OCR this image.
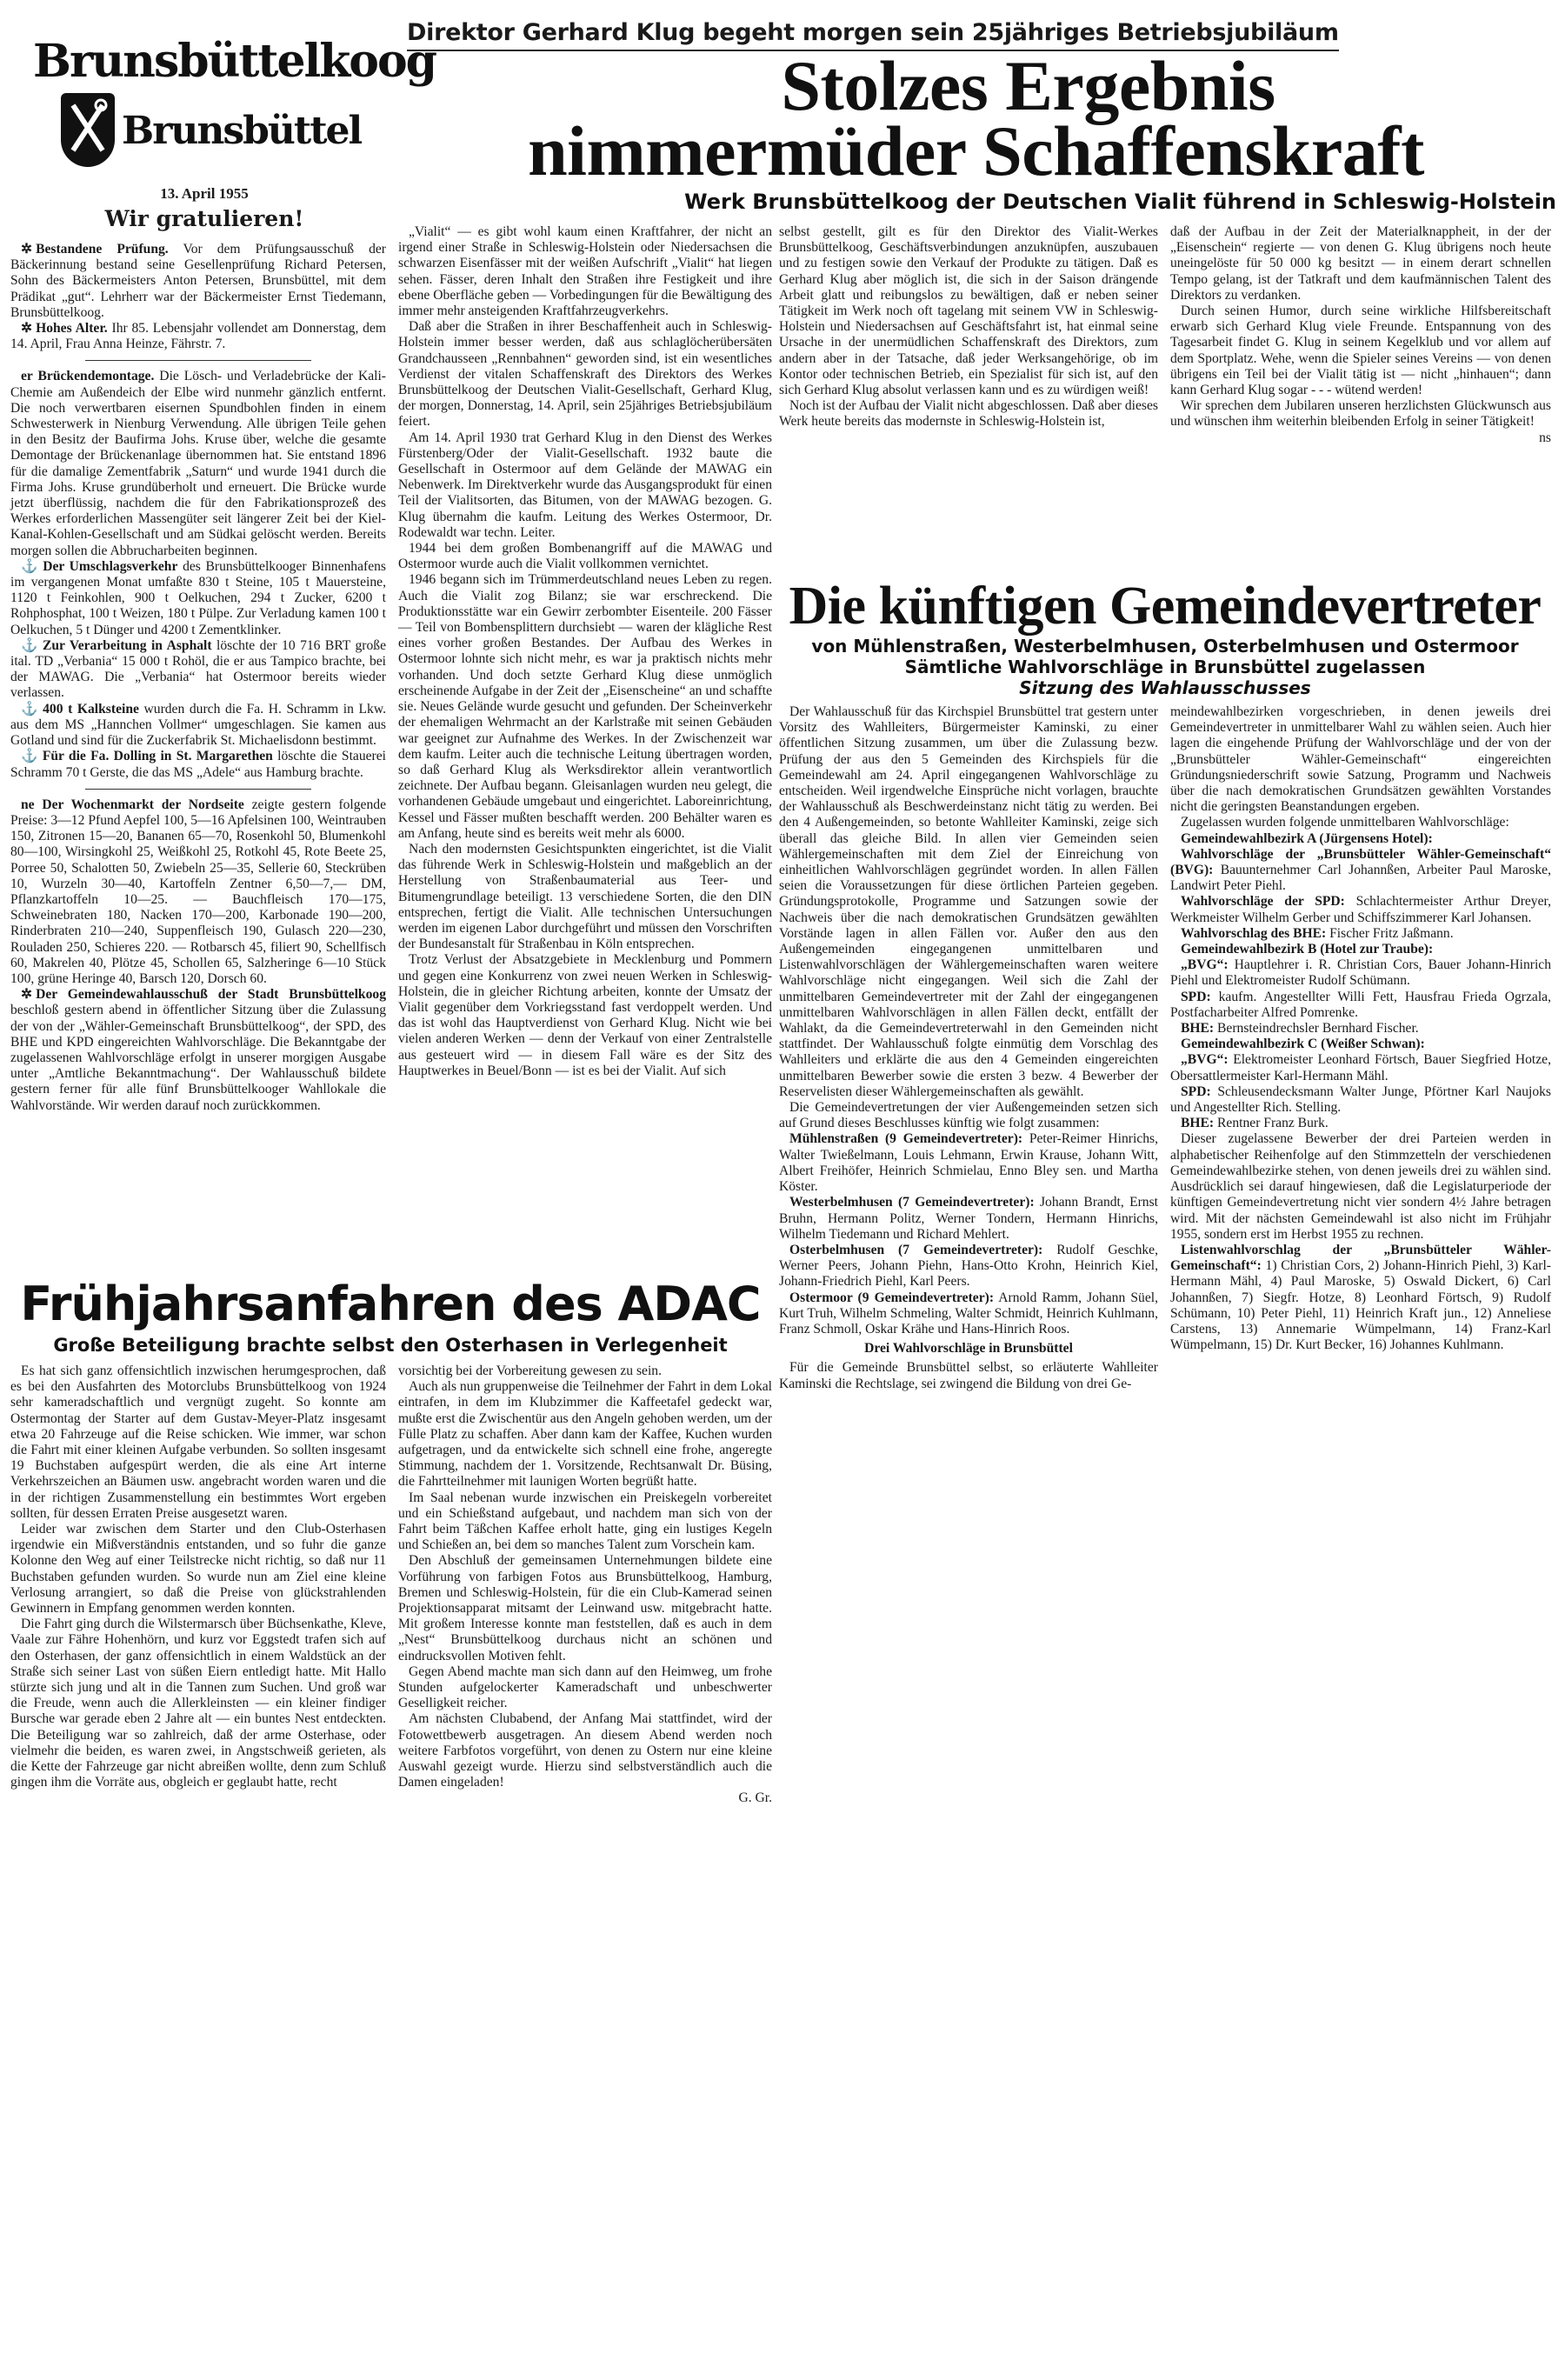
Brunsbüttelkoog
Brunsbüttel
13. April 1955
Wir gratulieren!

✲ Bestandene Prüfung. Vor dem Prüfungsausschuß der Bäckerinnung bestand seine Gesellenprüfung Richard Petersen, Sohn des Bäckermeisters Anton Petersen, Brunsbüttel, mit dem Prädikat „gut“. Lehrherr war der Bäckermeister Ernst Tiedemann, Brunsbüttelkoog.

✲ Hohes Alter. Ihr 85. Lebensjahr vollendet am Donnerstag, dem 14. April, Frau Anna Heinze, Fährstr. 7.

er Brückendemontage. Die Lösch- und Verladebrücke der Kali-Chemie am Außendeich der Elbe wird nunmehr gänzlich entfernt. Die noch verwertbaren eisernen Spundbohlen finden in einem Schwesterwerk in Nienburg Verwendung. Alle übrigen Teile gehen in den Besitz der Baufirma Johs. Kruse über, welche die gesamte Demontage der Brückenanlage übernommen hat. Sie entstand 1896 für die damalige Zementfabrik „Saturn“ und wurde 1941 durch die Firma Johs. Kruse grundüberholt und erneuert. Die Brücke wurde jetzt überflüssig, nachdem die für den Fabrikationsprozeß des Werkes erforderlichen Massengüter seit längerer Zeit bei der Kiel-Kanal-Kohlen-Gesellschaft und am Südkai gelöscht werden. Bereits morgen sollen die Abbrucharbeiten beginnen.

⚓ Der Umschlagsverkehr des Brunsbüttelkooger Binnenhafens im vergangenen Monat umfaßte 830 t Steine, 105 t Mauersteine, 1120 t Feinkohlen, 900 t Oelkuchen, 294 t Zucker, 6200 t Rohphosphat, 100 t Weizen, 180 t Pülpe. Zur Verladung kamen 100 t Oelkuchen, 5 t Dünger und 4200 t Zementklinker.

⚓ Zur Verarbeitung in Asphalt löschte der 10 716 BRT große ital. TD „Verbania“ 15 000 t Rohöl, die er aus Tampico brachte, bei der MAWAG. Die „Verbania“ hat Ostermoor bereits wieder verlassen.

⚓ 400 t Kalksteine wurden durch die Fa. H. Schramm in Lkw. aus dem MS „Hannchen Vollmer“ umgeschlagen. Sie kamen aus Gotland und sind für die Zuckerfabrik St. Michaelisdonn bestimmt.

⚓ Für die Fa. Dolling in St. Margarethen löschte die Stauerei Schramm 70 t Gerste, die das MS „Adele“ aus Hamburg brachte.

ne Der Wochenmarkt der Nordseite zeigte gestern folgende Preise: 3—12 Pfund Aepfel 100, 5—16 Apfelsinen 100, Weintrauben 150, Zitronen 15—20, Bananen 65—70, Rosenkohl 50, Blumenkohl 80—100, Wirsingkohl 25, Weißkohl 25, Rotkohl 45, Rote Beete 25, Porree 50, Schalotten 50, Zwiebeln 25—35, Sellerie 60, Steckrüben 10, Wurzeln 30—40, Kartoffeln Zentner 6,50—7,— DM, Pflanzkartoffeln 10—25. — Bauchfleisch 170—175, Schweinebraten 180, Nacken 170—200, Karbonade 190—200, Rinderbraten 210—240, Suppenfleisch 190, Gulasch 220—230, Rouladen 250, Schieres 220. — Rotbarsch 45, filiert 90, Schellfisch 60, Makrelen 40, Plötze 45, Schollen 65, Salzheringe 6—10 Stück 100, grüne Heringe 40, Barsch 120, Dorsch 60.

✲ Der Gemeindewahlausschuß der Stadt Brunsbüttelkoog beschloß gestern abend in öffentlicher Sitzung über die Zulassung der von der „Wähler-Gemeinschaft Brunsbüttelkoog“, der SPD, des BHE und KPD eingereichten Wahlvorschläge. Die Bekanntgabe der zugelassenen Wahlvorschläge erfolgt in unserer morgigen Ausgabe unter „Amtliche Bekanntmachung“. Der Wahlausschuß bildete gestern ferner für alle fünf Brunsbüttelkooger Wahllokale die Wahlvorstände. Wir werden darauf noch zurückkommen.

Direktor Gerhard Klug begeht morgen sein 25jähriges Betriebsjubiläum
Stolzes Ergebnis
nimmermüder Schaffenskraft
Werk Brunsbüttelkoog der Deutschen Vialit führend in Schleswig-Holstein

„Vialit“ — es gibt wohl kaum einen Kraftfahrer, der nicht an irgend einer Straße in Schleswig-Holstein oder Niedersachsen die schwarzen Eisenfässer mit der weißen Aufschrift „Vialit“ hat liegen sehen. Fässer, deren Inhalt den Straßen ihre Festigkeit und ihre ebene Oberfläche geben — Vorbedingungen für die Bewältigung des immer mehr ansteigenden Kraftfahrzeugverkehrs.

Daß aber die Straßen in ihrer Beschaffenheit auch in Schleswig-Holstein immer besser werden, daß aus schlaglöcherübersäten Grandchausseen „Rennbahnen“ geworden sind, ist ein wesentliches Verdienst der vitalen Schaffenskraft des Direktors des Werkes Brunsbüttelkoog der Deutschen Vialit-Gesellschaft, Gerhard Klug, der morgen, Donnerstag, 14. April, sein 25jähriges Betriebsjubiläum feiert.

Am 14. April 1930 trat Gerhard Klug in den Dienst des Werkes Fürstenberg/Oder der Vialit-Gesellschaft. 1932 baute die Gesellschaft in Ostermoor auf dem Gelände der MAWAG ein Nebenwerk. Im Direktverkehr wurde das Ausgangsprodukt für einen Teil der Vialitsorten, das Bitumen, von der MAWAG bezogen. G. Klug übernahm die kaufm. Leitung des Werkes Ostermoor, Dr. Rodewaldt war techn. Leiter.

1944 bei dem großen Bombenangriff auf die MAWAG und Ostermoor wurde auch die Vialit vollkommen vernichtet.

1946 begann sich im Trümmerdeutschland neues Leben zu regen. Auch die Vialit zog Bilanz; sie war erschreckend. Die Produktionsstätte war ein Gewirr zerbombter Eisenteile. 200 Fässer — Teil von Bombensplittern durchsiebt — waren der klägliche Rest eines vorher großen Bestandes. Der Aufbau des Werkes in Ostermoor lohnte sich nicht mehr, es war ja praktisch nichts mehr vorhanden. Und doch setzte Gerhard Klug diese unmöglich erscheinende Aufgabe in der Zeit der „Eisenscheine“ an und schaffte sie. Neues Gelände wurde gesucht und gefunden. Der Scheinverkehr der ehemaligen Wehrmacht an der Karlstraße mit seinen Gebäuden war geeignet zur Aufnahme des Werkes. In der Zwischenzeit war dem kaufm. Leiter auch die technische Leitung übertragen worden, so daß Gerhard Klug als Werksdirektor allein verantwortlich zeichnete. Der Aufbau begann. Gleisanlagen wurden neu gelegt, die vorhandenen Gebäude umgebaut und eingerichtet. Laboreinrichtung, Kessel und Fässer mußten beschafft werden. 200 Behälter waren es am Anfang, heute sind es bereits weit mehr als 6000.

Nach den modernsten Gesichtspunkten eingerichtet, ist die Vialit das führende Werk in Schleswig-Holstein und maßgeblich an der Herstellung von Straßenbaumaterial aus Teer- und Bitumengrundlage beteiligt. 13 verschiedene Sorten, die den DIN entsprechen, fertigt die Vialit. Alle technischen Untersuchungen werden im eigenen Labor durchgeführt und müssen den Vorschriften der Bundesanstalt für Straßenbau in Köln entsprechen.

Trotz Verlust der Absatzgebiete in Mecklenburg und Pommern und gegen eine Konkurrenz von zwei neuen Werken in Schleswig-Holstein, die in gleicher Richtung arbeiten, konnte der Umsatz der Vialit gegenüber dem Vorkriegsstand fast verdoppelt werden. Und das ist wohl das Hauptverdienst von Gerhard Klug. Nicht wie bei vielen anderen Werken — denn der Verkauf von einer Zentralstelle aus gesteuert wird — in diesem Fall wäre es der Sitz des Hauptwerkes in Beuel/Bonn — ist es bei der Vialit. Auf sich

selbst gestellt, gilt es für den Direktor des Vialit-Werkes Brunsbüttelkoog, Geschäftsverbindungen anzuknüpfen, auszubauen und zu festigen sowie den Verkauf der Produkte zu tätigen. Daß es Gerhard Klug aber möglich ist, die sich in der Saison drängende Arbeit glatt und reibungslos zu bewältigen, daß er neben seiner Tätigkeit im Werk noch oft tagelang mit seinem VW in Schleswig-Holstein und Niedersachsen auf Geschäftsfahrt ist, hat einmal seine Ursache in der unermüdlichen Schaffenskraft des Direktors, zum andern aber in der Tatsache, daß jeder Werksangehörige, ob im Kontor oder technischen Betrieb, ein Spezialist für sich ist, auf den sich Gerhard Klug absolut verlassen kann und es zu würdigen weiß!

Noch ist der Aufbau der Vialit nicht abgeschlossen. Daß aber dieses Werk heute bereits das modernste in Schleswig-Holstein ist,

daß der Aufbau in der Zeit der Materialknappheit, in der der „Eisenschein“ regierte — von denen G. Klug übrigens noch heute uneingelöste für 50 000 kg besitzt — in einem derart schnellen Tempo gelang, ist der Tatkraft und dem kaufmännischen Talent des Direktors zu verdanken.

Durch seinen Humor, durch seine wirkliche Hilfsbereitschaft erwarb sich Gerhard Klug viele Freunde. Entspannung von des Tagesarbeit findet G. Klug in seinem Kegelklub und vor allem auf dem Sportplatz. Wehe, wenn die Spieler seines Vereins — von denen übrigens ein Teil bei der Vialit tätig ist — nicht „hinhauen“; dann kann Gerhard Klug sogar - - - wütend werden!

Wir sprechen dem Jubilaren unseren herzlichsten Glückwunsch aus und wünschen ihm weiterhin bleibenden Erfolg in seiner Tätigkeit!
ns

Die künftigen Gemeindevertreter
von Mühlenstraßen, Westerbelmhusen, Osterbelmhusen und Ostermoor
Sämtliche Wahlvorschläge in Brunsbüttel zugelassen
Sitzung des Wahlausschusses

Der Wahlausschuß für das Kirchspiel Brunsbüttel trat gestern unter Vorsitz des Wahlleiters, Bürgermeister Kaminski, zu einer öffentlichen Sitzung zusammen, um über die Zulassung bezw. Prüfung der aus den 5 Gemeinden des Kirchspiels für die Gemeindewahl am 24. April eingegangenen Wahlvorschläge zu entscheiden. Weil irgendwelche Einsprüche nicht vorlagen, brauchte der Wahlausschuß als Beschwerdeinstanz nicht tätig zu werden. Bei den 4 Außengemeinden, so betonte Wahlleiter Kaminski, zeige sich überall das gleiche Bild. In allen vier Gemeinden seien Wählergemeinschaften mit dem Ziel der Einreichung von einheitlichen Wahlvorschlägen gegründet worden. In allen Fällen seien die Voraussetzungen für diese örtlichen Parteien gegeben. Gründungsprotokolle, Programme und Satzungen sowie der Nachweis über die nach demokratischen Grundsätzen gewählten Vorstände lagen in allen Fällen vor. Außer den aus den Außengemeinden eingegangenen unmittelbaren und Listenwahlvorschlägen der Wählergemeinschaften waren weitere Wahlvorschläge nicht eingegangen. Weil sich die Zahl der unmittelbaren Gemeindevertreter mit der Zahl der eingegangenen unmittelbaren Wahlvorschlägen in allen Fällen deckt, entfällt der Wahlakt, da die Gemeindevertreterwahl in den Gemeinden nicht stattfindet. Der Wahlausschuß folgte einmütig dem Vorschlag des Wahlleiters und erklärte die aus den 4 Gemeinden eingereichten unmittelbaren Bewerber sowie die ersten 3 bezw. 4 Bewerber der Reservelisten dieser Wählergemeinschaften als gewählt.

Die Gemeindevertretungen der vier Außengemeinden setzen sich auf Grund dieses Beschlusses künftig wie folgt zusammen:

Mühlenstraßen (9 Gemeindevertreter): Peter-Reimer Hinrichs, Walter Twießelmann, Louis Lehmann, Erwin Krause, Johann Witt, Albert Freihöfer, Heinrich Schmielau, Enno Bley sen. und Martha Köster.

Westerbelmhusen (7 Gemeindevertreter): Johann Brandt, Ernst Bruhn, Hermann Politz, Werner Tondern, Hermann Hinrichs, Wilhelm Tiedemann und Richard Mehlert.

Osterbelmhusen (7 Gemeindevertreter): Rudolf Geschke, Werner Peers, Johann Piehn, Hans-Otto Krohn, Heinrich Kiel, Johann-Friedrich Piehl, Karl Peers.

Ostermoor (9 Gemeindevertreter): Arnold Ramm, Johann Süel, Kurt Truh, Wilhelm Schmeling, Walter Schmidt, Heinrich Kuhlmann, Franz Schmoll, Oskar Krähe und Hans-Hinrich Roos.

Drei Wahlvorschläge in Brunsbüttel

Für die Gemeinde Brunsbüttel selbst, so erläuterte Wahlleiter Kaminski die Rechtslage, sei zwingend die Bildung von drei Ge-

meindewahlbezirken vorgeschrieben, in denen jeweils drei Gemeindevertreter in unmittelbarer Wahl zu wählen seien. Auch hier lagen die eingehende Prüfung der Wahlvorschläge und der von der „Brunsbütteler Wähler-Gemeinschaft“ eingereichten Gründungsniederschrift sowie Satzung, Programm und Nachweis über die nach demokratischen Grundsätzen gewählten Vorstandes nicht die geringsten Beanstandungen ergeben.

Zugelassen wurden folgende unmittelbaren Wahlvorschläge:

Gemeindewahlbezirk A (Jürgensens Hotel):

Wahlvorschläge der „Brunsbütteler Wähler-Gemeinschaft“ (BVG): Bauunternehmer Carl Johannßen, Arbeiter Paul Maroske, Landwirt Peter Piehl.

Wahlvorschläge der SPD: Schlachtermeister Arthur Dreyer, Werkmeister Wilhelm Gerber und Schiffszimmerer Karl Johansen.

Wahlvorschlag des BHE: Fischer Fritz Jaßmann.

Gemeindewahlbezirk B (Hotel zur Traube):

„BVG“: Hauptlehrer i. R. Christian Cors, Bauer Johann-Hinrich Piehl und Elektromeister Rudolf Schümann.

SPD: kaufm. Angestellter Willi Fett, Hausfrau Frieda Ogrzala, Postfacharbeiter Alfred Pomrenke.

BHE: Bernsteindrechsler Bernhard Fischer.

Gemeindewahlbezirk C (Weißer Schwan):

„BVG“: Elektromeister Leonhard Förtsch, Bauer Siegfried Hotze, Obersattlermeister Karl-Hermann Mähl.

SPD: Schleusendecksmann Walter Junge, Pförtner Karl Naujoks und Angestellter Rich. Stelling.

BHE: Rentner Franz Burk.

Dieser zugelassene Bewerber der drei Parteien werden in alphabetischer Reihenfolge auf den Stimmzetteln der verschiedenen Gemeindewahlbezirke stehen, von denen jeweils drei zu wählen sind. Ausdrücklich sei darauf hingewiesen, daß die Legislaturperiode der künftigen Gemeindevertretung nicht vier sondern 4½ Jahre betragen wird. Mit der nächsten Gemeindewahl ist also nicht im Frühjahr 1955, sondern erst im Herbst 1955 zu rechnen.

Listenwahlvorschlag der „Brunsbütteler Wähler-Gemeinschaft“: 1) Christian Cors, 2) Johann-Hinrich Piehl, 3) Karl-Hermann Mähl, 4) Paul Maroske, 5) Oswald Dickert, 6) Carl Johannßen, 7) Siegfr. Hotze, 8) Leonhard Förtsch, 9) Rudolf Schümann, 10) Peter Piehl, 11) Heinrich Kraft jun., 12) Anneliese Carstens, 13) Annemarie Wümpelmann, 14) Franz-Karl Wümpelmann, 15) Dr. Kurt Becker, 16) Johannes Kuhlmann.

Frühjahrsanfahren des ADAC
Große Beteiligung brachte selbst den Osterhasen in Verlegenheit

Es hat sich ganz offensichtlich inzwischen herumgesprochen, daß es bei den Ausfahrten des Motorclubs Brunsbüttelkoog von 1924 sehr kameradschaftlich und vergnügt zugeht. So konnte am Ostermontag der Starter auf dem Gustav-Meyer-Platz insgesamt etwa 20 Fahrzeuge auf die Reise schicken. Wie immer, war schon die Fahrt mit einer kleinen Aufgabe verbunden. So sollten insgesamt 19 Buchstaben aufgespürt werden, die als eine Art interne Verkehrszeichen an Bäumen usw. angebracht worden waren und die in der richtigen Zusammenstellung ein bestimmtes Wort ergeben sollten, für dessen Erraten Preise ausgesetzt waren.

Leider war zwischen dem Starter und den Club-Osterhasen irgendwie ein Mißverständnis entstanden, und so fuhr die ganze Kolonne den Weg auf einer Teilstrecke nicht richtig, so daß nur 11 Buchstaben gefunden wurden. So wurde nun am Ziel eine kleine Verlosung arrangiert, so daß die Preise von glückstrahlenden Gewinnern in Empfang genommen werden konnten.

Die Fahrt ging durch die Wilstermarsch über Büchsenkathe, Kleve, Vaale zur Fähre Hohenhörn, und kurz vor Eggstedt trafen sich auf den Osterhasen, der ganz offensichtlich in einem Waldstück an der Straße sich seiner Last von süßen Eiern entledigt hatte. Mit Hallo stürzte sich jung und alt in die Tannen zum Suchen. Und groß war die Freude, wenn auch die Allerkleinsten — ein kleiner findiger Bursche war gerade eben 2 Jahre alt — ein buntes Nest entdeckten. Die Beteiligung war so zahlreich, daß der arme Osterhase, oder vielmehr die beiden, es waren zwei, in Angstschweiß gerieten, als die Kette der Fahrzeuge gar nicht abreißen wollte, denn zum Schluß gingen ihm die Vorräte aus, obgleich er geglaubt hatte, recht

vorsichtig bei der Vorbereitung gewesen zu sein.

Auch als nun gruppenweise die Teilnehmer der Fahrt in dem Lokal eintrafen, in dem im Klubzimmer die Kaffeetafel gedeckt war, mußte erst die Zwischentür aus den Angeln gehoben werden, um der Fülle Platz zu schaffen. Aber dann kam der Kaffee, Kuchen wurden aufgetragen, und da entwickelte sich schnell eine frohe, angeregte Stimmung, nachdem der 1. Vorsitzende, Rechtsanwalt Dr. Büsing, die Fahrtteilnehmer mit launigen Worten begrüßt hatte.

Im Saal nebenan wurde inzwischen ein Preiskegeln vorbereitet und ein Schießstand aufgebaut, und nachdem man sich von der Fahrt beim Täßchen Kaffee erholt hatte, ging ein lustiges Kegeln und Schießen an, bei dem so manches Talent zum Vorschein kam.

Den Abschluß der gemeinsamen Unternehmungen bildete eine Vorführung von farbigen Fotos aus Brunsbüttelkoog, Hamburg, Bremen und Schleswig-Holstein, für die ein Club-Kamerad seinen Projektionsapparat mitsamt der Leinwand usw. mitgebracht hatte. Mit großem Interesse konnte man feststellen, daß es auch in dem „Nest“ Brunsbüttelkoog durchaus nicht an schönen und eindrucksvollen Motiven fehlt.

Gegen Abend machte man sich dann auf den Heimweg, um frohe Stunden aufgelockerter Kameradschaft und unbeschwerter Geselligkeit reicher.

Am nächsten Clubabend, der Anfang Mai stattfindet, wird der Fotowettbewerb ausgetragen. An diesem Abend werden noch weitere Farbfotos vorgeführt, von denen zu Ostern nur eine kleine Auswahl gezeigt wurde. Hierzu sind selbstverständlich auch die Damen eingeladen!
G. Gr.
